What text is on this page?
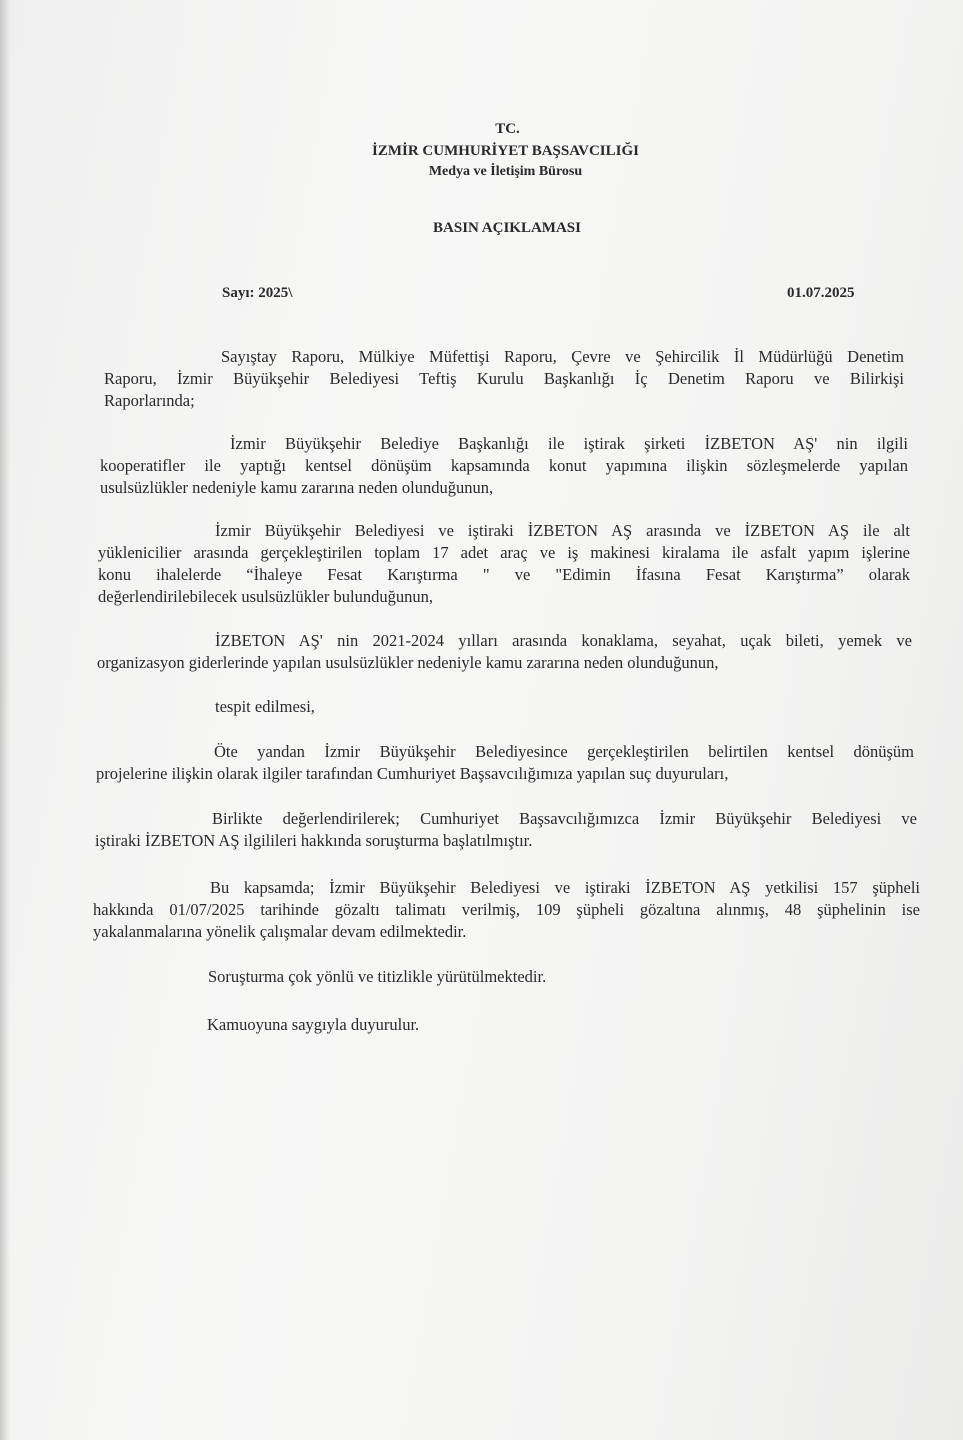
TC.
İZMİR CUMHURİYET BAŞSAVCILIĞI
Medya ve İletişim Bürosu
BASIN AÇIKLAMASI
Sayı: 2025\	01.07.2025
Sayıştay Raporu, Mülkiye Müfettişi Raporu, Çevre ve Şehircilik İl Müdürlüğü Denetim
Raporu, İzmir Büyükşehir Belediyesi Teftiş Kurulu Başkanlığı İç Denetim Raporu ve Bilirkişi
Raporlarında;
İzmir Büyükşehir Belediye Başkanlığı ile iştirak şirketi İZBETON AŞ' nin ilgili
kooperatifler ile yaptığı kentsel dönüşüm kapsamında konut yapımına ilişkin sözleşmelerde yapılan
usulsüzlükler nedeniyle kamu zararına neden olunduğunun,
İzmir Büyükşehir Belediyesi ve iştiraki İZBETON AŞ arasında ve İZBETON AŞ ile alt
yüklenicilier arasında gerçekleştirilen toplam 17 adet araç ve iş makinesi kiralama ile asfalt yapım işlerine
konu ihalelerde “İhaleye Fesat Karıştırma " ve "Edimin İfasına Fesat Karıştırma” olarak
değerlendirilebilecek usulsüzlükler bulunduğunun,
İZBETON AŞ' nin 2021-2024 yılları arasında konaklama, seyahat, uçak bileti, yemek ve
organizasyon giderlerinde yapılan usulsüzlükler nedeniyle kamu zararına neden olunduğunun,
tespit edilmesi,
Öte yandan İzmir Büyükşehir Belediyesince gerçekleştirilen belirtilen kentsel dönüşüm
projelerine ilişkin olarak ilgiler tarafından Cumhuriyet Başsavcılığımıza yapılan suç duyuruları,
Birlikte değerlendirilerek; Cumhuriyet Başsavcılığımızca İzmir Büyükşehir Belediyesi ve
iştiraki İZBETON AŞ ilgilileri hakkında soruşturma başlatılmıştır.
Bu kapsamda; İzmir Büyükşehir Belediyesi ve iştiraki İZBETON AŞ yetkilisi 157 şüpheli
hakkında 01/07/2025 tarihinde gözaltı talimatı verilmiş, 109 şüpheli gözaltına alınmış, 48 şüphelinin ise
yakalanmalarına yönelik çalışmalar devam edilmektedir.
Soruşturma çok yönlü ve titizlikle yürütülmektedir.
Kamuoyuna saygıyla duyurulur.
